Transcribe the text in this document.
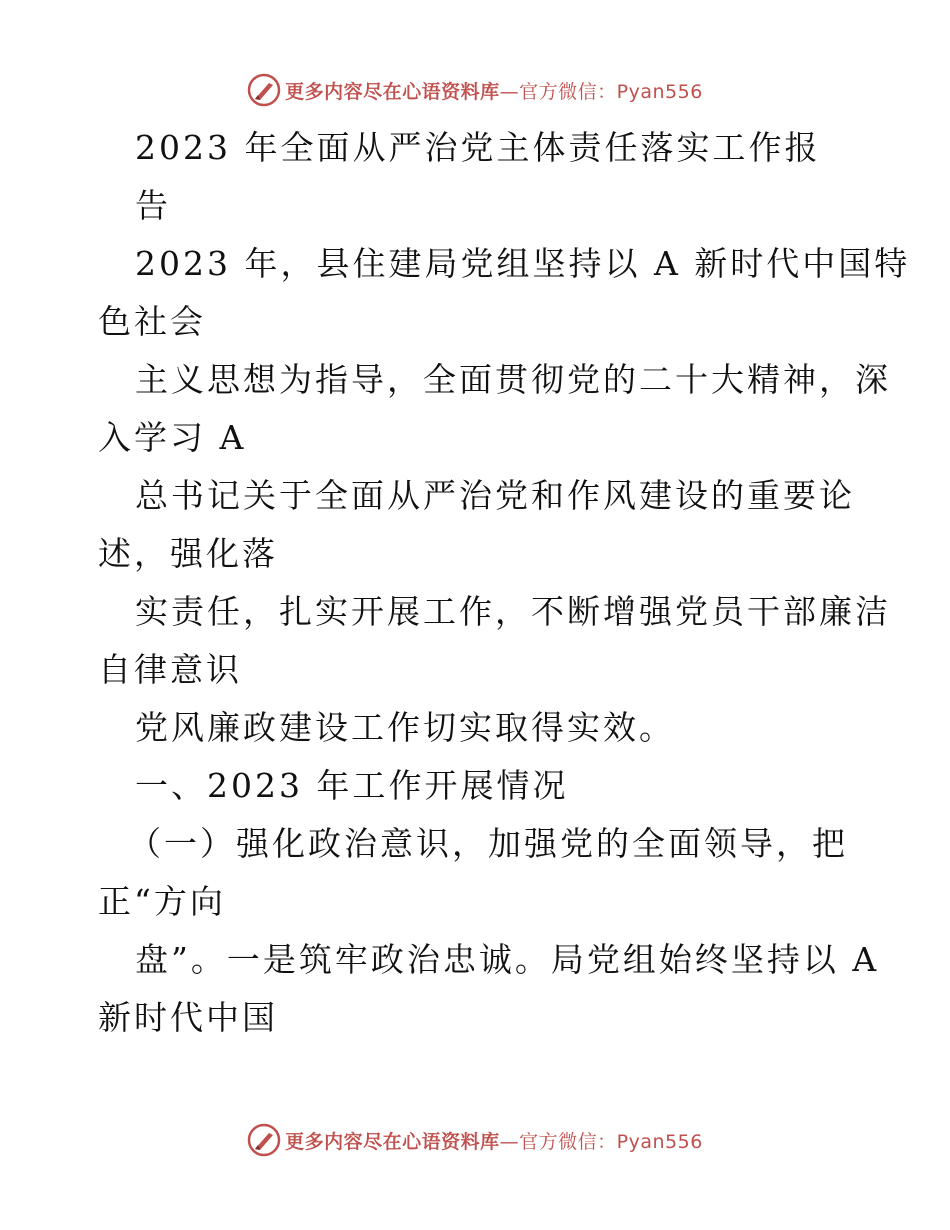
更多内容尽在心语资料库—官方微信：Pyan556
2023 年全面从严治党主体责任落实工作报
告
2023 年，县住建局党组坚持以 A 新时代中国特
色社会
主义思想为指导，全面贯彻党的二十大精神，深
入学习 A
总书记关于全面从严治党和作风建设的重要论
述，强化落
实责任，扎实开展工作，不断增强党员干部廉洁
自律意识
党风廉政建设工作切实取得实效。
一、2023 年工作开展情况
（一）强化政治意识，加强党的全面领导，把
正“方向
盘”。一是筑牢政治忠诚。局党组始终坚持以 A
新时代中国
更多内容尽在心语资料库—官方微信：Pyan556
